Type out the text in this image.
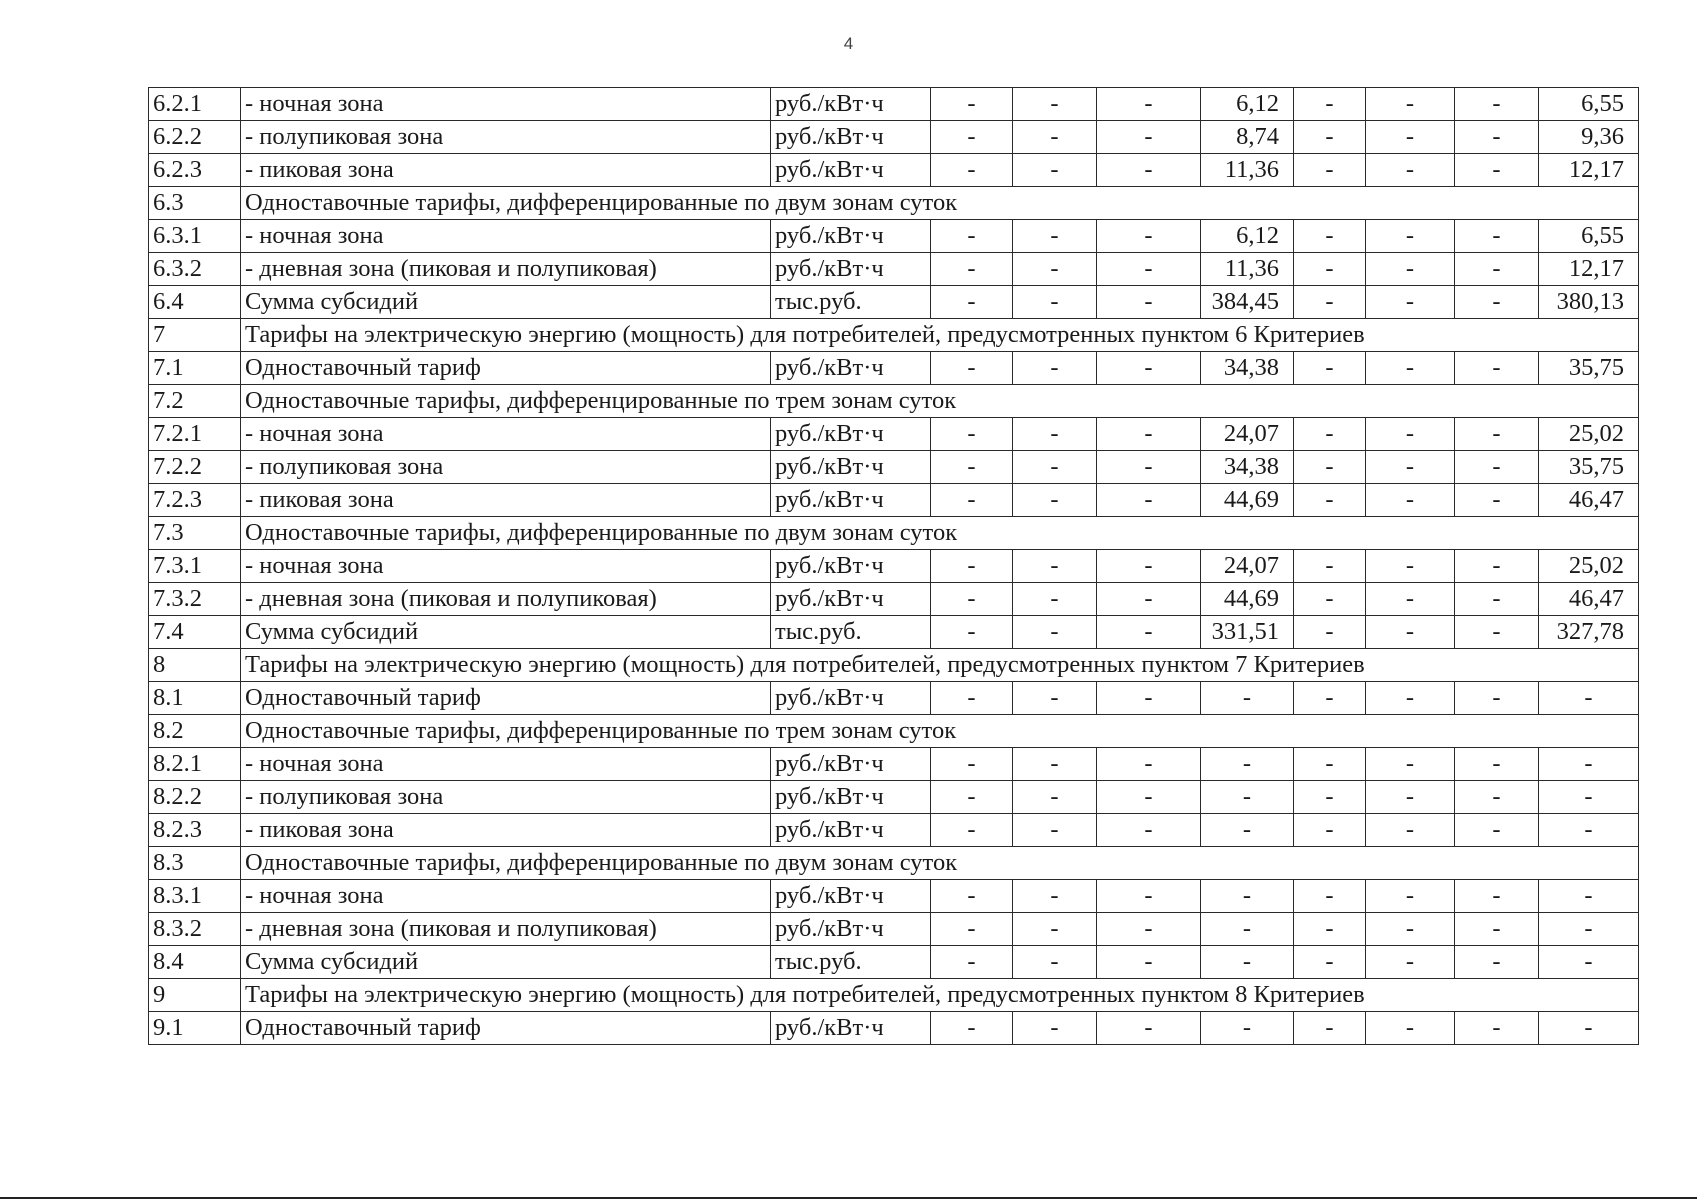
4
6.2.1	- ночная зона	руб./кВт·ч	-	-	-	6,12	-	-	-	6,55
6.2.2	- полупиковая зона	руб./кВт·ч	-	-	-	8,74	-	-	-	9,36
6.2.3	- пиковая зона	руб./кВт·ч	-	-	-	11,36	-	-	-	12,17
6.3	Одноставочные тарифы, дифференцированные по двум зонам суток									
6.3.1	- ночная зона	руб./кВт·ч	-	-	-	6,12	-	-	-	6,55
6.3.2	- дневная зона (пиковая и полупиковая)	руб./кВт·ч	-	-	-	11,36	-	-	-	12,17
6.4	Сумма субсидий	тыс.руб.	-	-	-	384,45	-	-	-	380,13
7	Тарифы на электрическую энергию (мощность) для потребителей, предусмотренных пунктом 6 Критериев									
7.1	Одноставочный тариф	руб./кВт·ч	-	-	-	34,38	-	-	-	35,75
7.2	Одноставочные тарифы, дифференцированные по трем зонам суток									
7.2.1	- ночная зона	руб./кВт·ч	-	-	-	24,07	-	-	-	25,02
7.2.2	- полупиковая зона	руб./кВт·ч	-	-	-	34,38	-	-	-	35,75
7.2.3	- пиковая зона	руб./кВт·ч	-	-	-	44,69	-	-	-	46,47
7.3	Одноставочные тарифы, дифференцированные по двум зонам суток									
7.3.1	- ночная зона	руб./кВт·ч	-	-	-	24,07	-	-	-	25,02
7.3.2	- дневная зона (пиковая и полупиковая)	руб./кВт·ч	-	-	-	44,69	-	-	-	46,47
7.4	Сумма субсидий	тыс.руб.	-	-	-	331,51	-	-	-	327,78
8	Тарифы на электрическую энергию (мощность) для потребителей, предусмотренных пунктом 7 Критериев									
8.1	Одноставочный тариф	руб./кВт·ч	-	-	-	-	-	-	-	-
8.2	Одноставочные тарифы, дифференцированные по трем зонам суток									
8.2.1	- ночная зона	руб./кВт·ч	-	-	-	-	-	-	-	-
8.2.2	- полупиковая зона	руб./кВт·ч	-	-	-	-	-	-	-	-
8.2.3	- пиковая зона	руб./кВт·ч	-	-	-	-	-	-	-	-
8.3	Одноставочные тарифы, дифференцированные по двум зонам суток									
8.3.1	- ночная зона	руб./кВт·ч	-	-	-	-	-	-	-	-
8.3.2	- дневная зона (пиковая и полупиковая)	руб./кВт·ч	-	-	-	-	-	-	-	-
8.4	Сумма субсидий	тыс.руб.	-	-	-	-	-	-	-	-
9	Тарифы на электрическую энергию (мощность) для потребителей, предусмотренных пунктом 8 Критериев									
9.1	Одноставочный тариф	руб./кВт·ч	-	-	-	-	-	-	-	-
